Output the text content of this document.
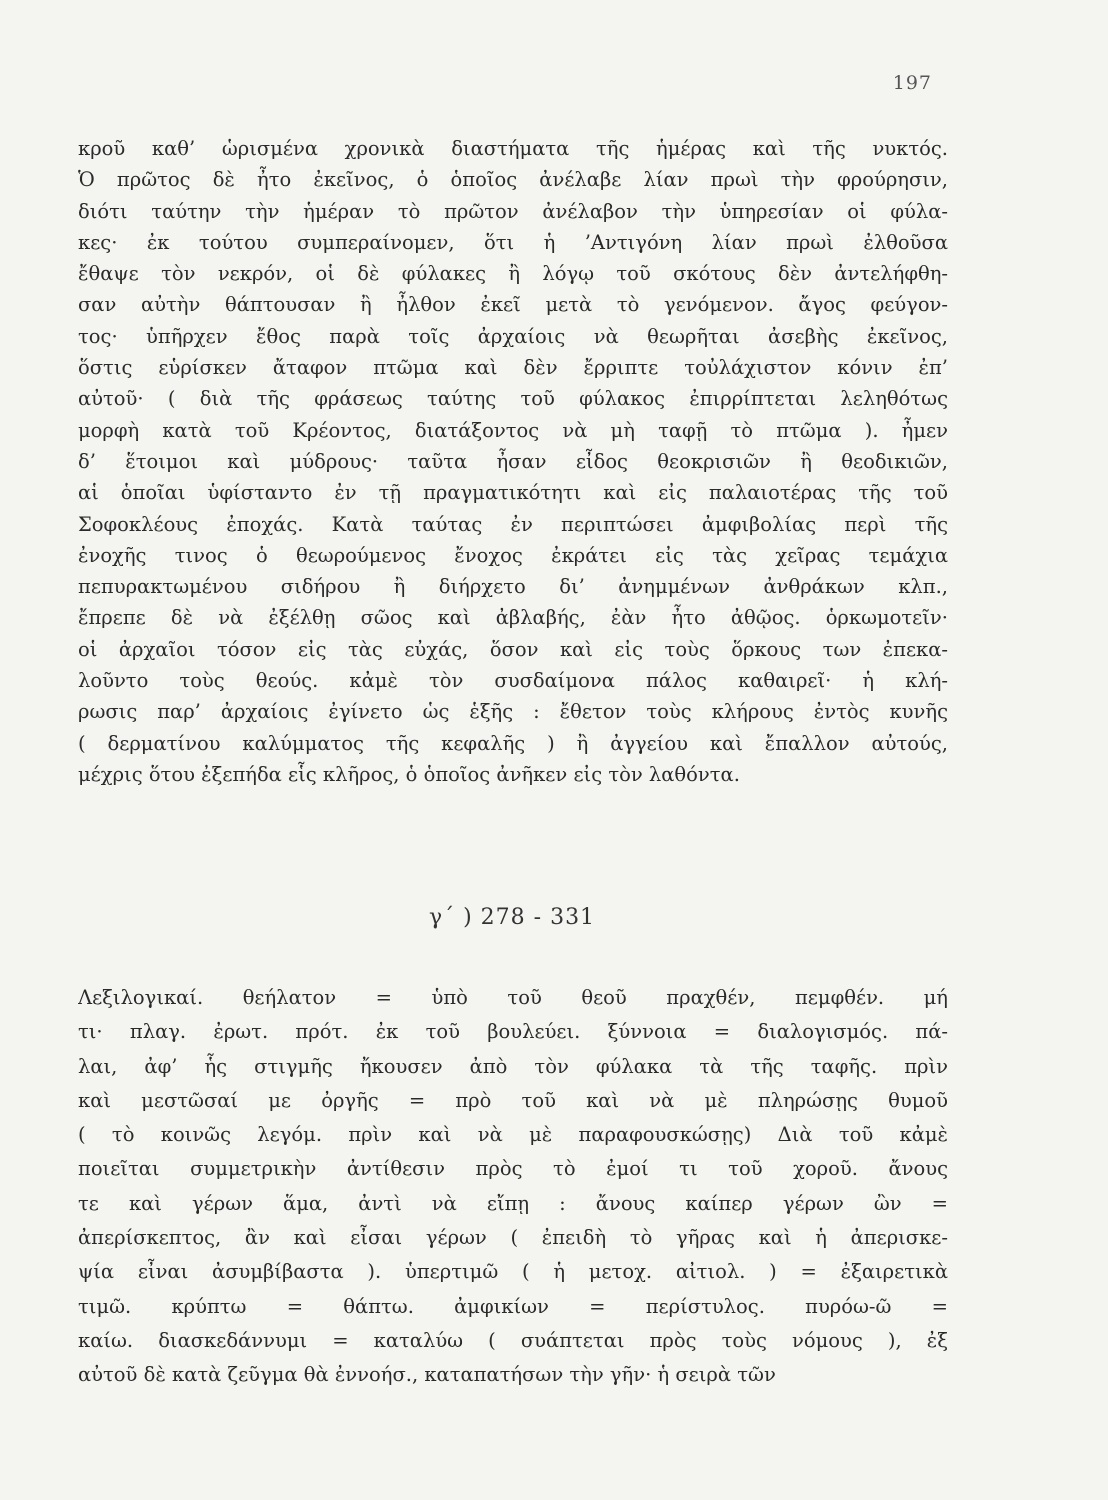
197
κροῦ καθ’ ὡρισμένα χρονικὰ διαστήματα τῆς ἡμέρας καὶ τῆς νυκτός.
Ὁ πρῶτος δὲ ἦτο ἐκεῖνος, ὁ ὁποῖος ἀνέλαβε λίαν πρωὶ τὴν φρούρησιν,
διότι ταύτην τὴν ἡμέραν τὸ πρῶτον ἀνέλαβον τὴν ὑπηρεσίαν οἱ φύλα-
κες· ἐκ τούτου συμπεραίνομεν, ὅτι ἡ ’Αντιγόνη λίαν πρωὶ ἐλθοῦσα
ἔθαψε τὸν νεκρόν, οἱ δὲ φύλακες ἢ λόγῳ τοῦ σκότους δὲν ἀντελήφθη-
σαν αὐτὴν θάπτουσαν ἢ ἦλθον ἐκεῖ μετὰ τὸ γενόμενον. ἄγος φεύγον-
τος· ὑπῆρχεν ἔθος παρὰ τοῖς ἀρχαίοις νὰ θεωρῆται ἀσεβὴς ἐκεῖνος,
ὅστις εὑρίσκεν ἄταφον πτῶμα καὶ δὲν ἔρριπτε τοὐλάχιστον κόνιν ἐπ’
αὐτοῦ· ( διὰ τῆς φράσεως ταύτης τοῦ φύλακος ἐπιρρίπτεται λεληθότως
μορφὴ κατὰ τοῦ Κρέοντος, διατάξοντος νὰ μὴ ταφῇ τὸ πτῶμα ). ἦμεν
δ’ ἕτοιμοι καὶ μύδρους· ταῦτα ἦσαν εἶδος θεοκρισιῶν ἢ θεοδικιῶν,
αἱ ὁποῖαι ὑφίσταντο ἐν τῇ πραγματικότητι καὶ εἰς παλαιοτέρας τῆς τοῦ
Σοφοκλέους ἐποχάς. Κατὰ ταύτας ἐν περιπτώσει ἀμφιβολίας περὶ τῆς
ἐνοχῆς τινος ὁ θεωρούμενος ἔνοχος ἐκράτει εἰς τὰς χεῖρας τεμάχια
πεπυρακτωμένου σιδήρου ἢ διήρχετο δι’ ἀνημμένων ἀνθράκων κλπ.,
ἔπρεπε δὲ νὰ ἐξέλθῃ σῶος καὶ ἀβλαβής, ἐὰν ἦτο ἀθῷος. ὁρκωμοτεῖν·
οἱ ἀρχαῖοι τόσον εἰς τὰς εὐχάς, ὅσον καὶ εἰς τοὺς ὅρκους των ἐπεκα-
λοῦντο τοὺς θεούς. κἀμὲ τὸν συσδαίμονα πάλος καθαιρεῖ· ἡ κλή-
ρωσις παρ’ ἀρχαίοις ἐγίνετο ὡς ἑξῆς : ἔθετον τοὺς κλήρους ἐντὸς κυνῆς
( δερματίνου καλύμματος τῆς κεφαλῆς ) ἢ ἀγγείου καὶ ἔπαλλον αὐτούς,
μέχρις ὅτου ἐξεπήδα εἷς κλῆρος, ὁ ὁποῖος ἀνῆκεν εἰς τὸν λαθόντα.
γ΄ ) 278 - 331
Λεξιλογικαί. θεήλατον = ὑπὸ τοῦ θεοῦ πραχθέν, πεμφθέν. μή
τι· πλαγ. ἐρωτ. πρότ. ἐκ τοῦ βουλεύει. ξύννοια = διαλογισμός. πά-
λαι, ἀφ’ ἧς στιγμῆς ἤκουσεν ἀπὸ τὸν φύλακα τὰ τῆς ταφῆς. πρὶν
καὶ μεστῶσαί με ὀργῆς = πρὸ τοῦ καὶ νὰ μὲ πληρώσῃς θυμοῦ
( τὸ κοινῶς λεγόμ. πρὶν καὶ νὰ μὲ παραφουσκώσῃς) Διὰ τοῦ κἀμὲ
ποιεῖται συμμετρικὴν ἀντίθεσιν πρὸς τὸ ἐμοί τι τοῦ χοροῦ. ἄνους
τε καὶ γέρων ἅμα, ἀντὶ νὰ εἴπῃ : ἄνους καίπερ γέρων ὢν =
ἀπερίσκεπτος, ἂν καὶ εἶσαι γέρων ( ἐπειδὴ τὸ γῆρας καὶ ἡ ἀπερισκε-
ψία εἶναι ἀσυμβίβαστα ). ὑπερτιμῶ ( ἡ μετοχ. αἰτιολ. ) = ἐξαιρετικὰ
τιμῶ. κρύπτω = θάπτω. ἀμφικίων = περίστυλος. πυρόω-ῶ =
καίω. διασκεδάννυμι = καταλύω ( συάπτεται πρὸς τοὺς νόμους ), ἐξ
αὐτοῦ δὲ κατὰ ζεῦγμα θὰ ἐννοήσ., καταπατήσων τὴν γῆν· ἡ σειρὰ τῶν
